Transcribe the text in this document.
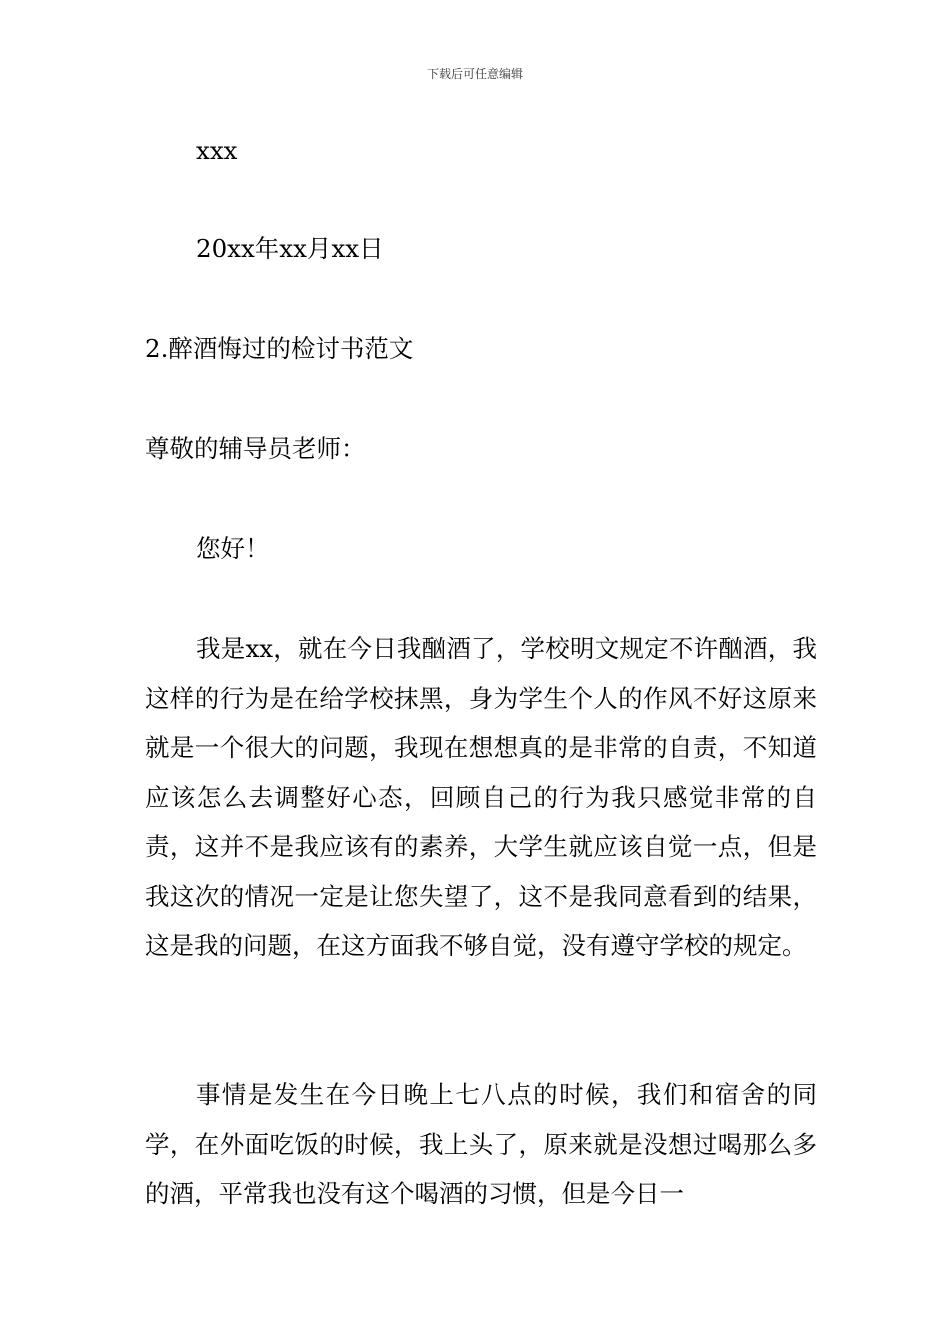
下载后可任意编辑
xxx
20xx年xx月xx日
2.醉酒悔过的检讨书范文
尊敬的辅导员老师：
您好！

我是xx，就在今日我酗酒了，学校明文规定不许酗酒，我这样的行为是在给学校抹黑，身为学生个人的作风不好这原来就是一个很大的问题，我现在想想真的是非常的自责，不知道应该怎么去调整好心态，回顾自己的行为我只感觉非常的自责，这并不是我应该有的素养，大学生就应该自觉一点，但是我这次的情况一定是让您失望了，这不是我同意看到的结果，这是我的问题，在这方面我不够自觉，没有遵守学校的规定。

事情是发生在今日晚上七八点的时候，我们和宿舍的同学，在外面吃饭的时候，我上头了，原来就是没想过喝那么多的酒，平常我也没有这个喝酒的习惯，但是今日一
